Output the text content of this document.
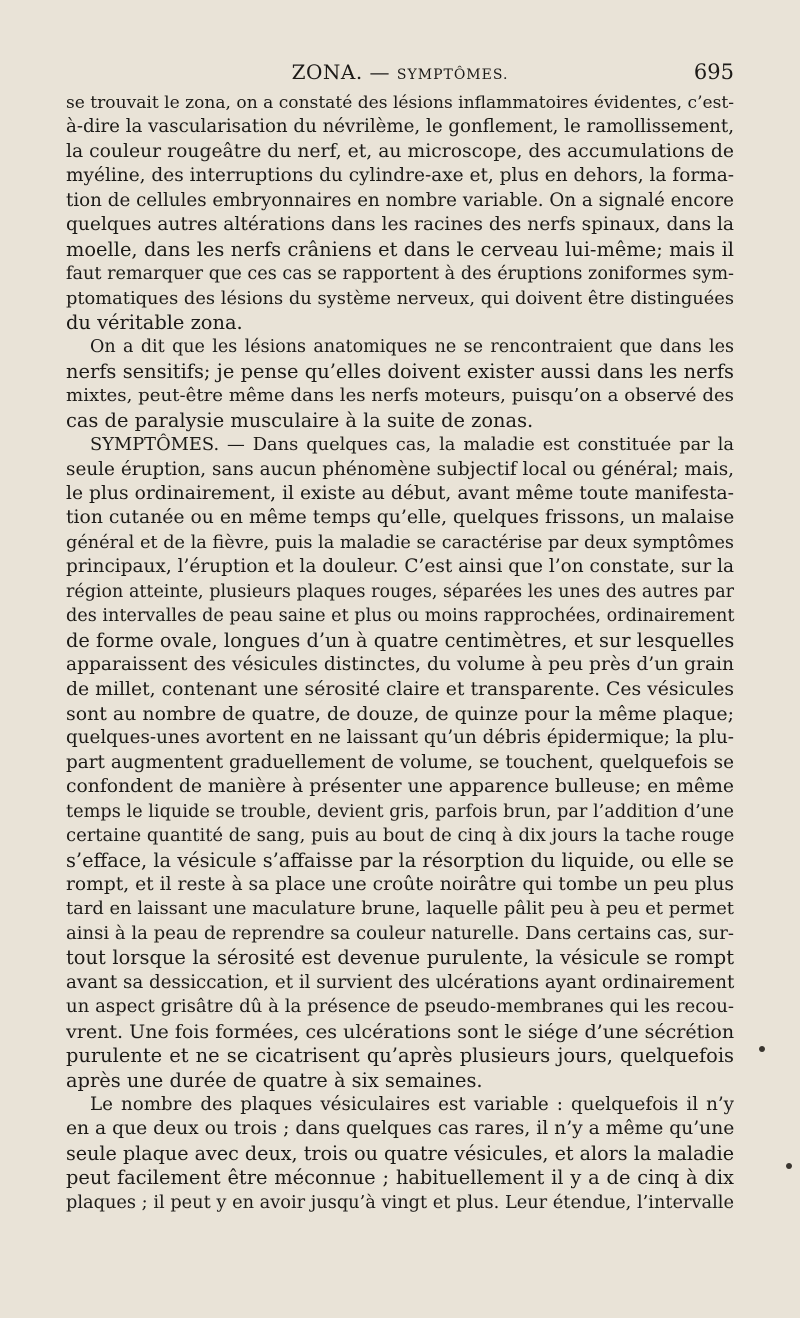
ZONA. — SYMPTÔMES.	695
se trouvait le zona, on a constaté des lésions inflammatoires évidentes, c’est-
à-dire la vascularisation du névrilème, le gonflement, le ramollissement,
la couleur rougeâtre du nerf, et, au microscope, des accumulations de
myéline, des interruptions du cylindre-axe et, plus en dehors, la forma-
tion de cellules embryonnaires en nombre variable. On a signalé encore
quelques autres altérations dans les racines des nerfs spinaux, dans la
moelle, dans les nerfs crâniens et dans le cerveau lui-même; mais il
faut remarquer que ces cas se rapportent à des éruptions zoniformes sym-
ptomatiques des lésions du système nerveux, qui doivent être distinguées
du véritable zona.
On a dit que les lésions anatomiques ne se rencontraient que dans les
nerfs sensitifs; je pense qu’elles doivent exister aussi dans les nerfs
mixtes, peut-être même dans les nerfs moteurs, puisqu’on a observé des
cas de paralysie musculaire à la suite de zonas.
SYMPTÔMES. — Dans quelques cas, la maladie est constituée par la
seule éruption, sans aucun phénomène subjectif local ou général; mais,
le plus ordinairement, il existe au début, avant même toute manifesta-
tion cutanée ou en même temps qu’elle, quelques frissons, un malaise
général et de la fièvre, puis la maladie se caractérise par deux symptômes
principaux, l’éruption et la douleur. C’est ainsi que l’on constate, sur la
région atteinte, plusieurs plaques rouges, séparées les unes des autres par
des intervalles de peau saine et plus ou moins rapprochées, ordinairement
de forme ovale, longues d’un à quatre centimètres, et sur lesquelles
apparaissent des vésicules distinctes, du volume à peu près d’un grain
de millet, contenant une sérosité claire et transparente. Ces vésicules
sont au nombre de quatre, de douze, de quinze pour la même plaque;
quelques-unes avortent en ne laissant qu’un débris épidermique; la plu-
part augmentent graduellement de volume, se touchent, quelquefois se
confondent de manière à présenter une apparence bulleuse; en même
temps le liquide se trouble, devient gris, parfois brun, par l’addition d’une
certaine quantité de sang, puis au bout de cinq à dix jours la tache rouge
s’efface, la vésicule s’affaisse par la résorption du liquide, ou elle se
rompt, et il reste à sa place une croûte noirâtre qui tombe un peu plus
tard en laissant une maculature brune, laquelle pâlit peu à peu et permet
ainsi à la peau de reprendre sa couleur naturelle. Dans certains cas, sur-
tout lorsque la sérosité est devenue purulente, la vésicule se rompt
avant sa dessiccation, et il survient des ulcérations ayant ordinairement
un aspect grisâtre dû à la présence de pseudo-membranes qui les recou-
vrent. Une fois formées, ces ulcérations sont le siége d’une sécrétion
purulente et ne se cicatrisent qu’après plusieurs jours, quelquefois
après une durée de quatre à six semaines.
Le nombre des plaques vésiculaires est variable : quelquefois il n’y
en a que deux ou trois ; dans quelques cas rares, il n’y a même qu’une
seule plaque avec deux, trois ou quatre vésicules, et alors la maladie
peut facilement être méconnue ; habituellement il y a de cinq à dix
plaques ; il peut y en avoir jusqu’à vingt et plus. Leur étendue, l’intervalle
